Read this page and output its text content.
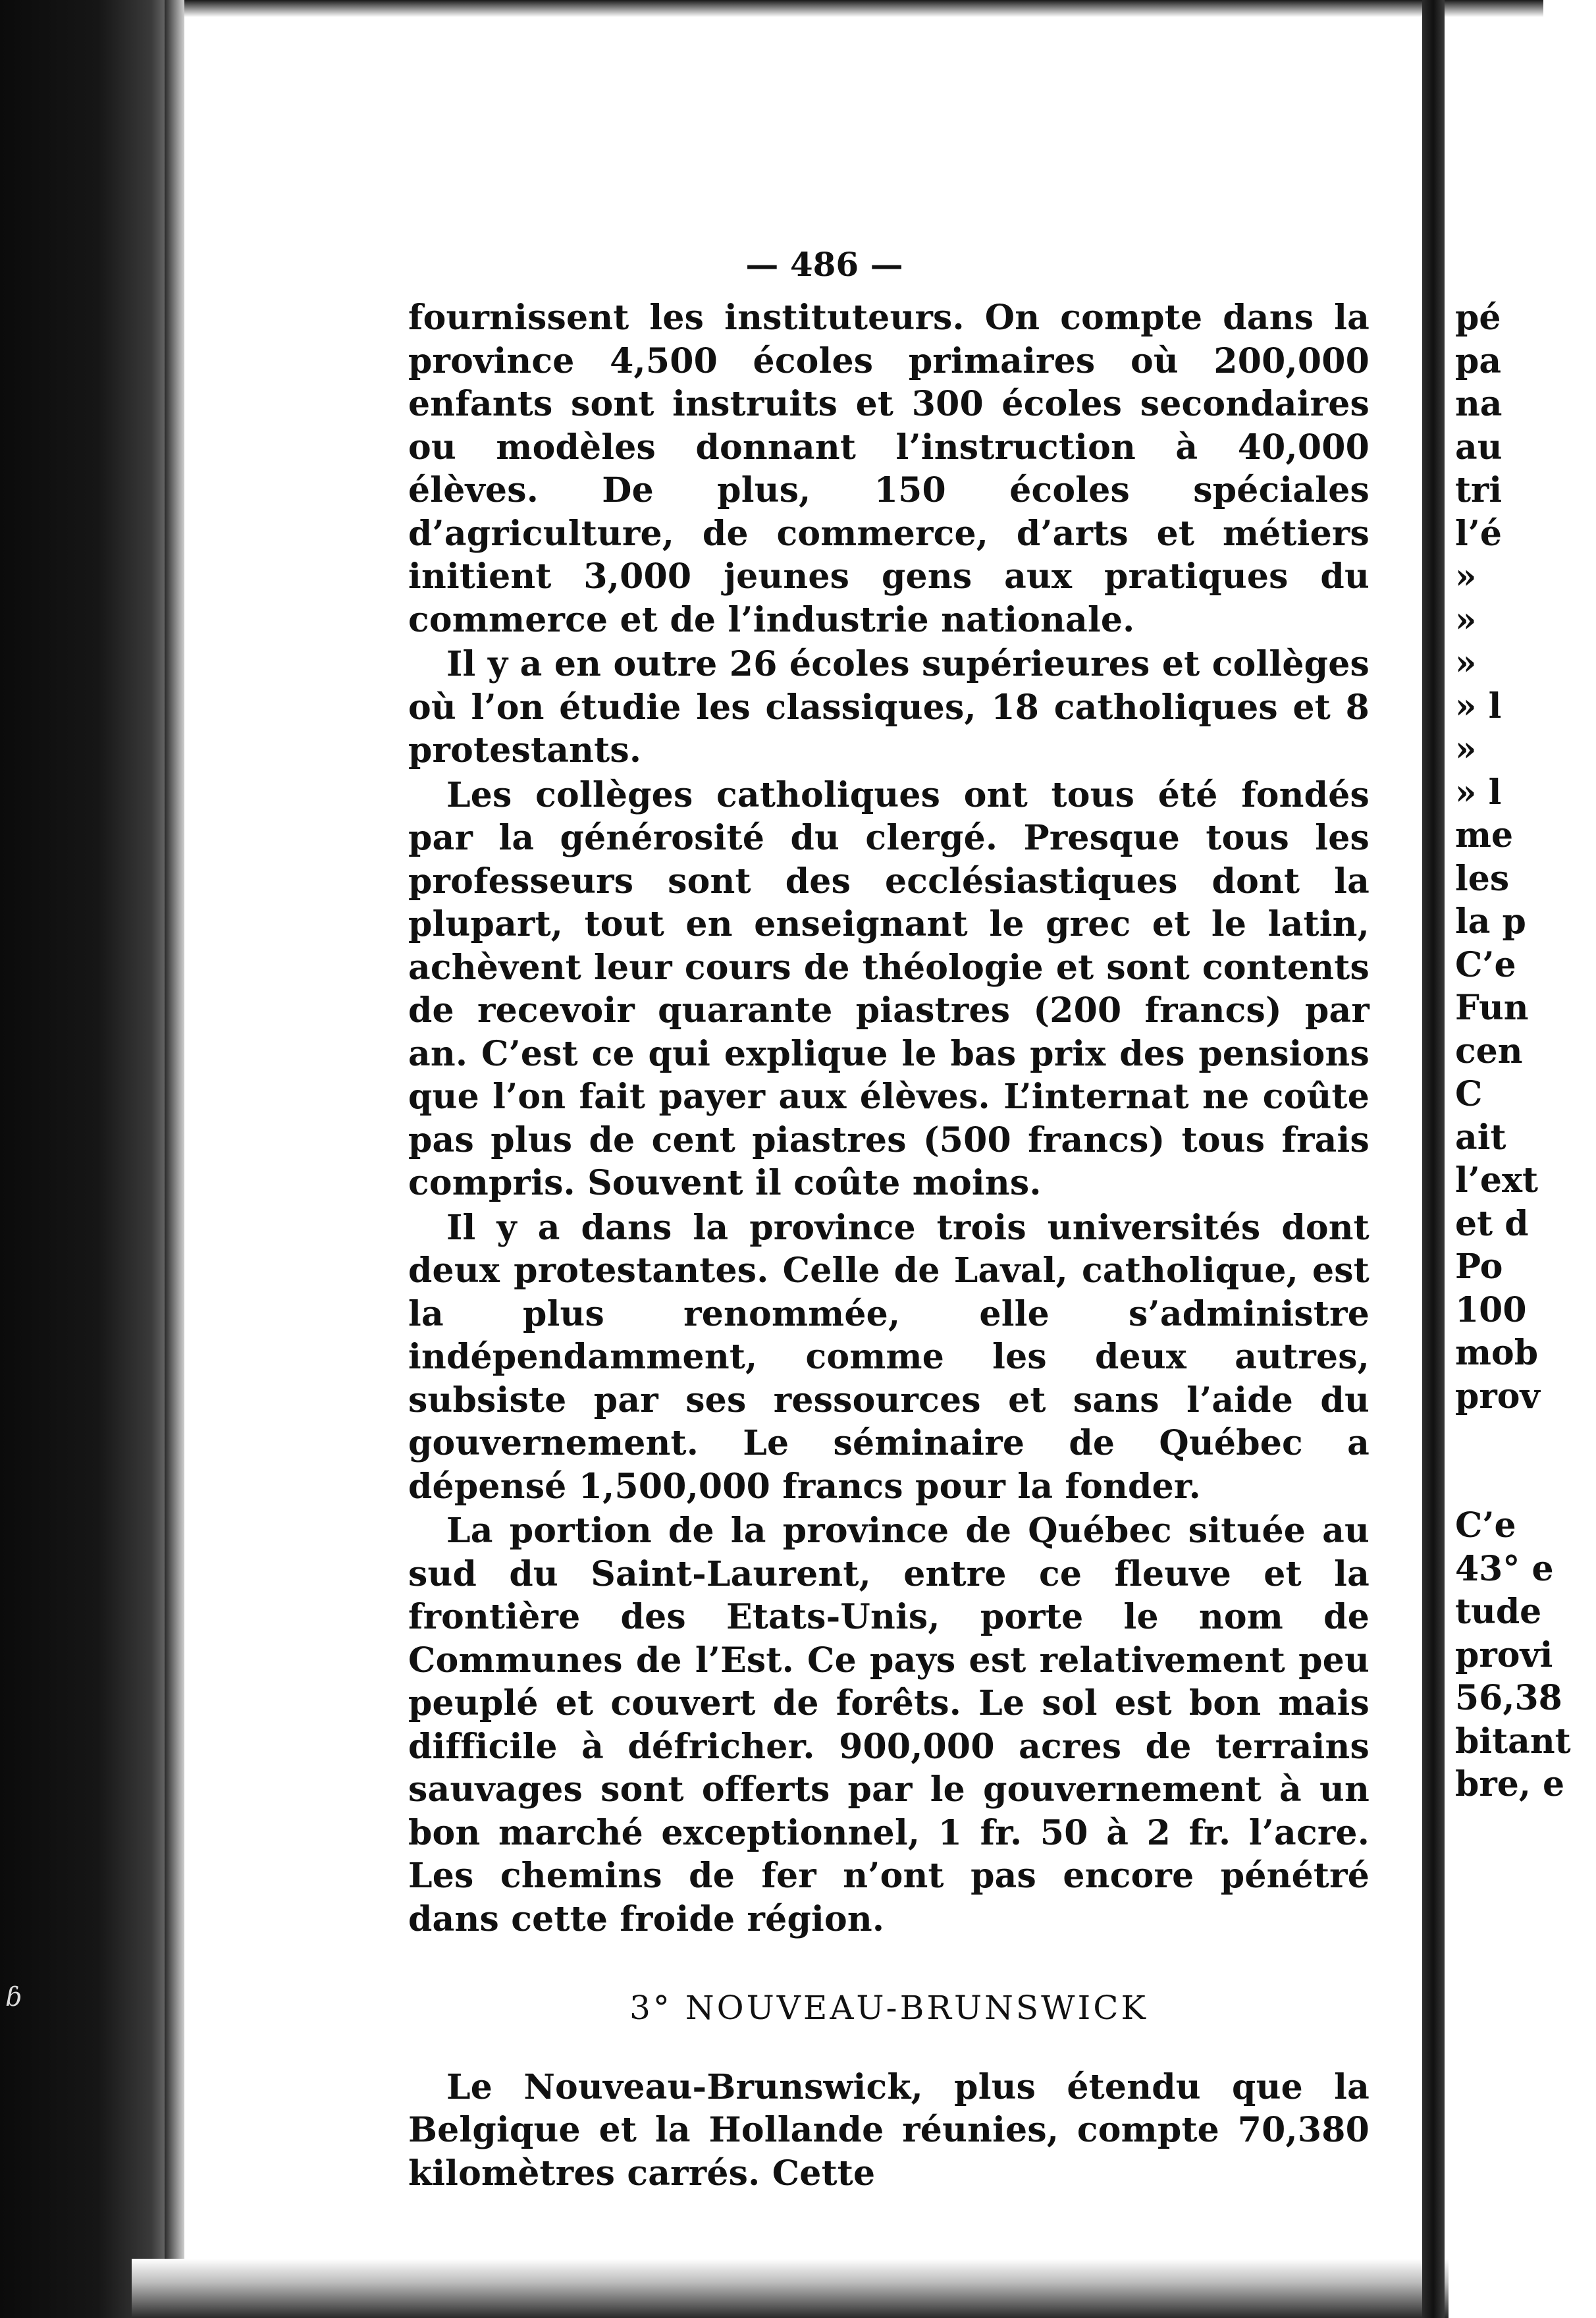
ɓ
— 486 —

fournissent les instituteurs. On compte dans la province 4,500 écoles primaires où 200,000 enfants sont instruits et 300 écoles secondaires ou modèles donnant l’instruction à 40,000 élèves. De plus, 150 écoles spéciales d’agriculture, de commerce, d’arts et métiers initient 3,000 jeunes gens aux pratiques du commerce et de l’industrie nationale.

Il y a en outre 26 écoles supérieures et collèges où l’on étudie les classiques, 18 catholiques et 8 protestants.

Les collèges catholiques ont tous été fondés par la générosité du clergé. Presque tous les professeurs sont des ecclésiastiques dont la plupart, tout en enseignant le grec et le latin, achèvent leur cours de théologie et sont contents de recevoir quarante piastres (200 francs) par an. C’est ce qui explique le bas prix des pensions que l’on fait payer aux élèves. L’internat ne coûte pas plus de cent piastres (500 francs) tous frais compris. Souvent il coûte moins.

Il y a dans la province trois universités dont deux protestantes. Celle de Laval, catholique, est la plus renommée, elle s’administre indépendamment, comme les deux autres, subsiste par ses ressources et sans l’aide du gouvernement. Le séminaire de Québec a dépensé 1,500,000 francs pour la fonder.

La portion de la province de Québec située au sud du Saint-Laurent, entre ce fleuve et la frontière des Etats-Unis, porte le nom de Communes de l’Est. Ce pays est relativement peu peuplé et couvert de forêts. Le sol est bon mais difficile à défricher. 900,000 acres de terrains sauvages sont offerts par le gouvernement à un bon marché exceptionnel, 1 fr. 50 à 2 fr. l’acre. Les chemins de fer n’ont pas encore pénétré dans cette froide région.

3° NOUVEAU-BRUNSWICK

Le Nouveau-Brunswick, plus étendu que la Belgique et la Hollande réunies, compte 70,380 kilomètres carrés. Cette

pé
pa
na
au
tri
l’é
»
»
»
» l
»
» l
me
les
la p
C’e
Fun
cen
C
ait
l’ext
et d
Po
100
mob
prov
C’e
43° e
tude
provi
56,38
bitant
bre, e
